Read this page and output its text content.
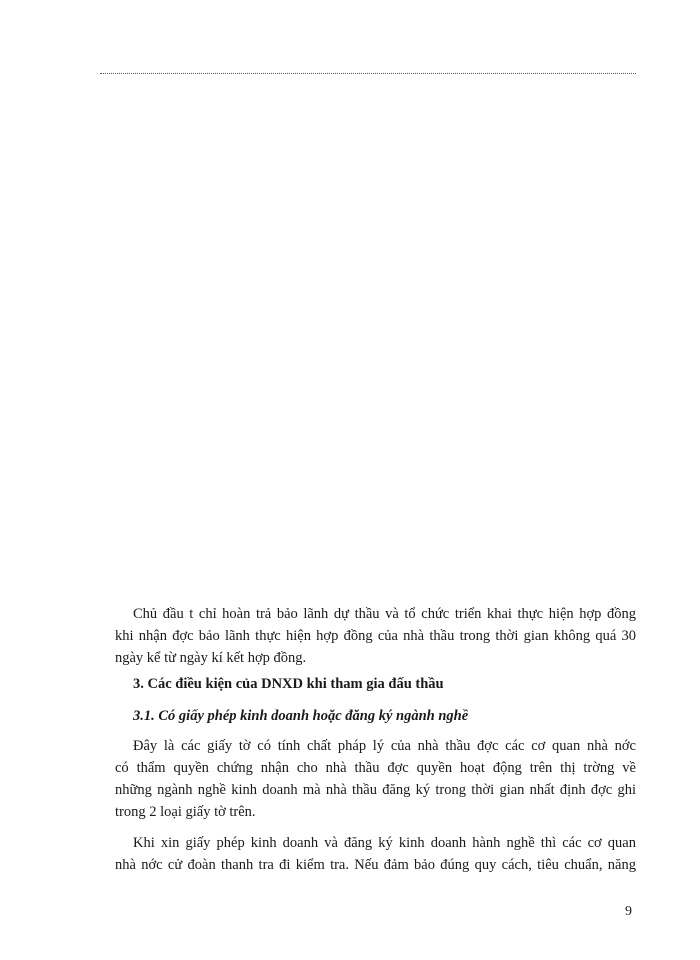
Chủ đầu t chỉ hoàn trả bảo lãnh dự thầu và tổ chức triển khai thực hiện hợp đồng
khi nhận đợc bảo lãnh thực hiện hợp đồng của nhà thầu trong thời gian không quá 30
ngày kể từ ngày kí kết hợp đồng.

3. Các điều kiện của DNXD khi tham gia đấu thầu
3.1. Có giấy phép kinh doanh hoặc đăng ký ngành nghề

Đây là các giấy tờ có tính chất pháp lý của nhà thầu đợc các cơ quan nhà nớc
có thẩm quyền chứng nhận cho nhà thầu đợc quyền hoạt động trên thị trờng về
những ngành nghề kinh doanh mà nhà thầu đăng ký trong thời gian nhất định đợc ghi
trong 2 loại giấy tờ trên.

Khi xin giấy phép kinh doanh và đăng ký kinh doanh hành nghề thì các cơ quan
nhà nớc cử đoàn thanh tra đi kiểm tra. Nếu đảm bảo đúng quy cách, tiêu chuẩn, năng

9
